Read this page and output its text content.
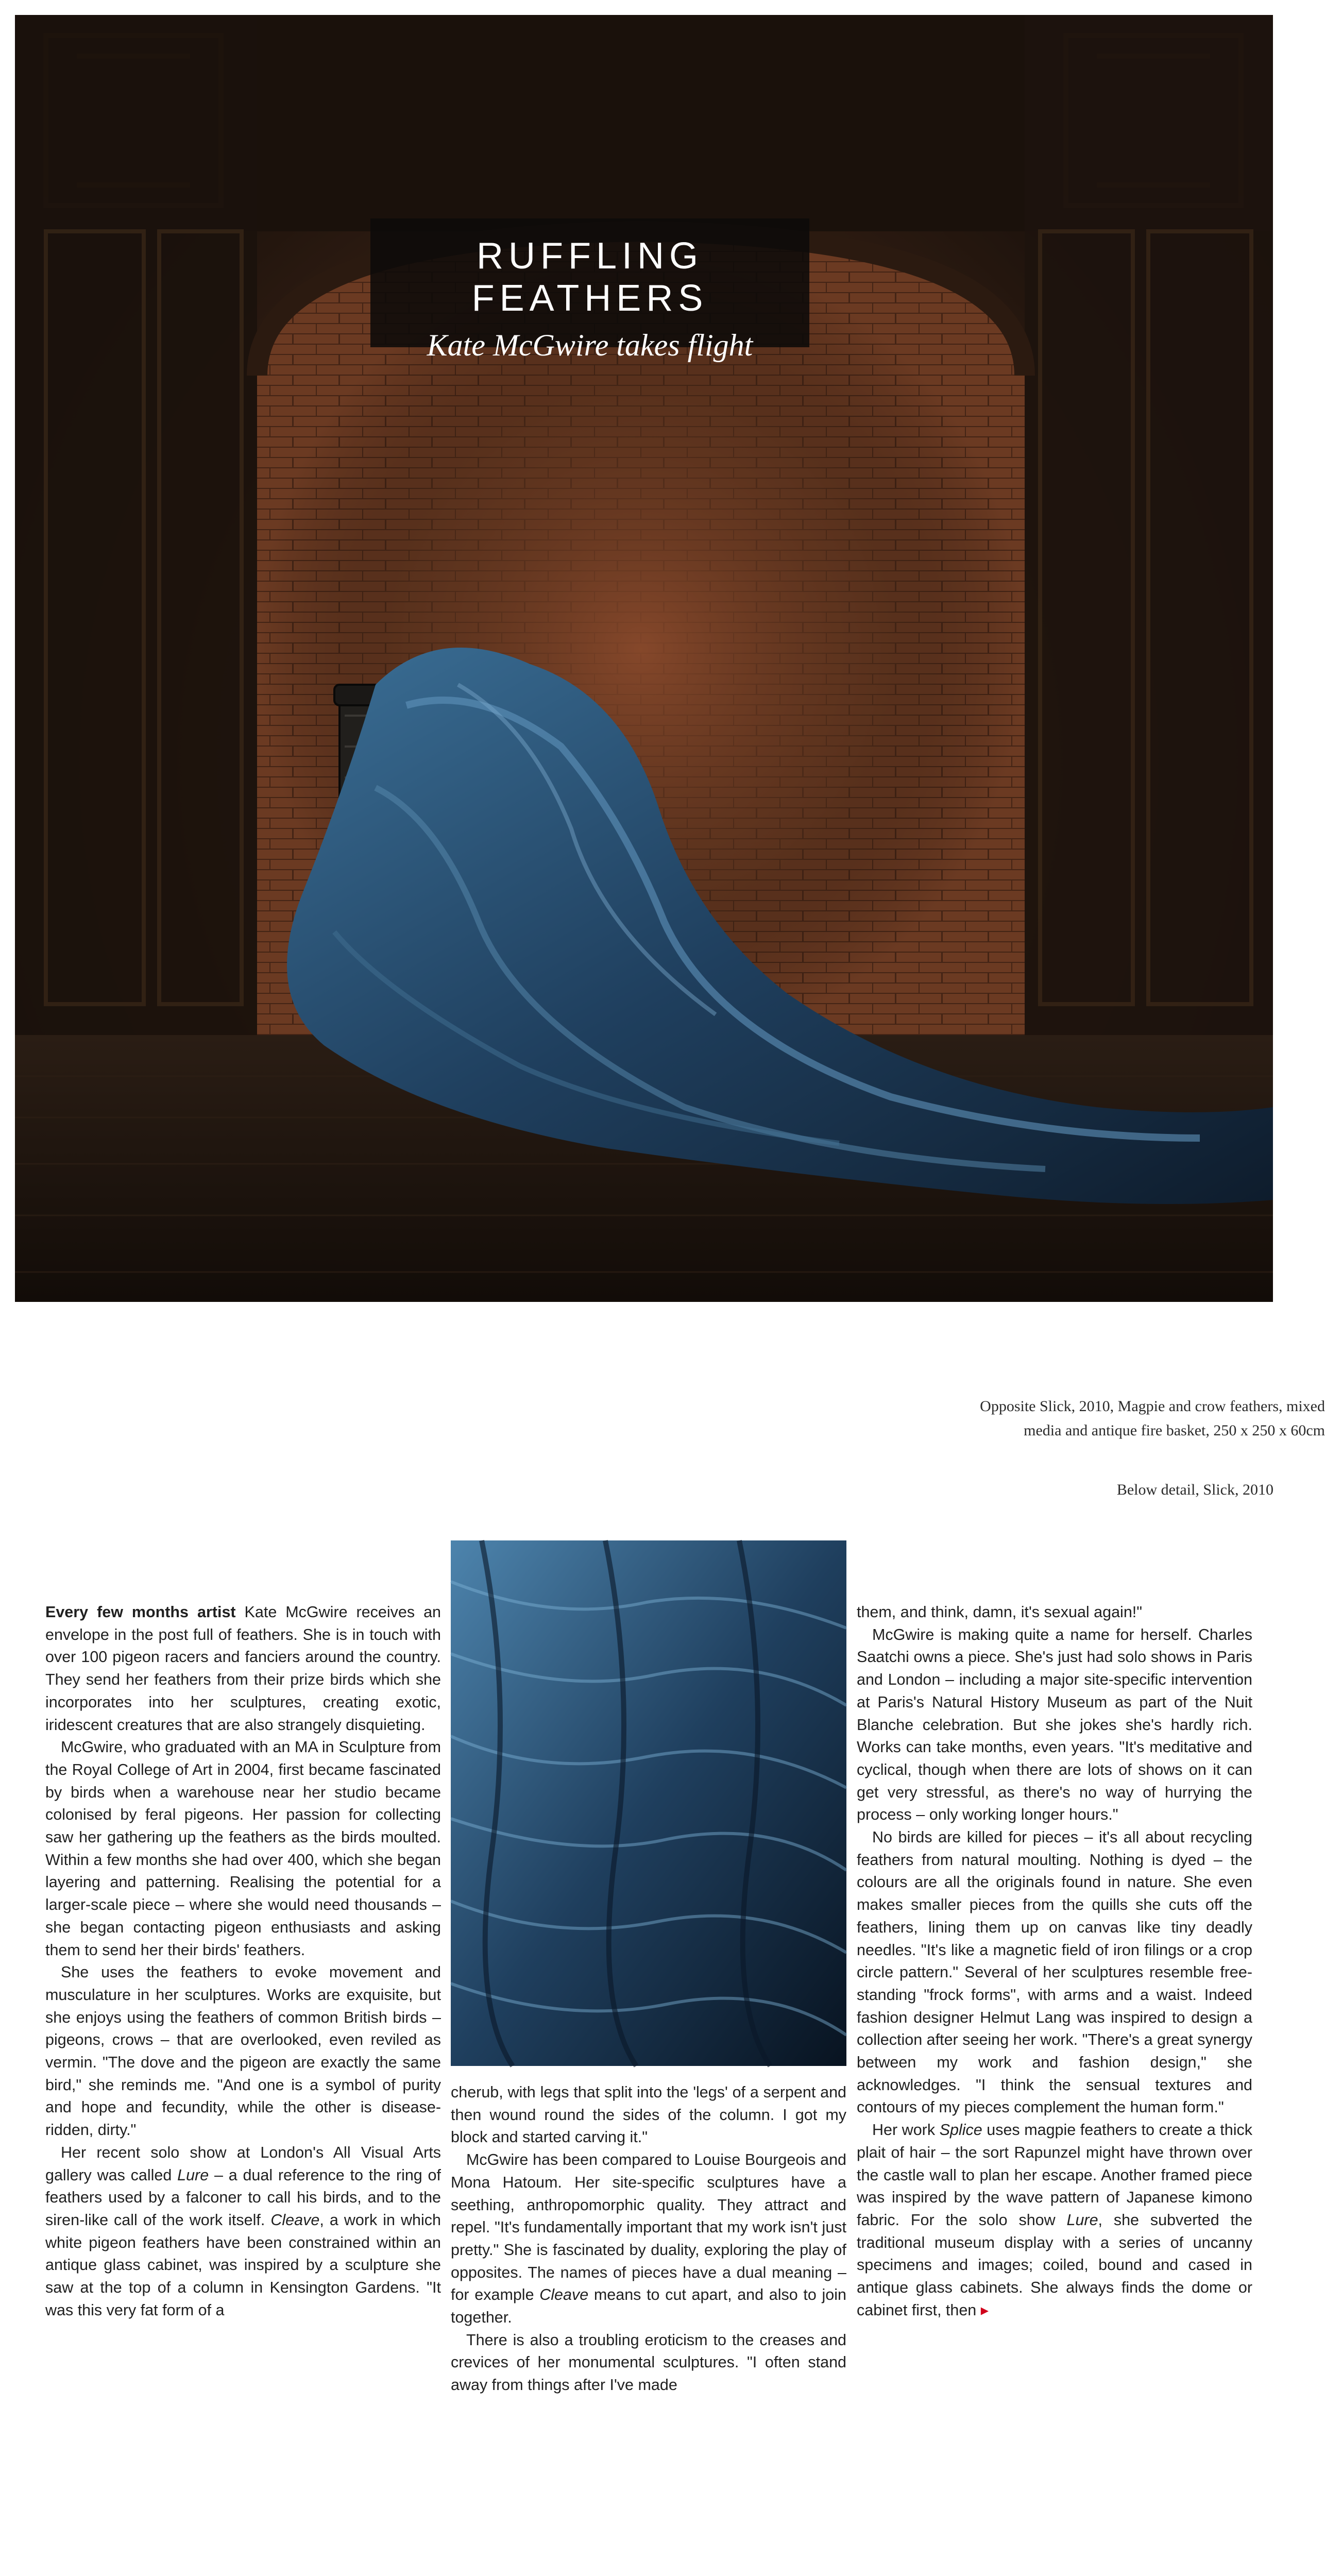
RUFFLING FEATHERS
Kate McGwire takes flight
Opposite Slick, 2010, Magpie and crow feathers, mixed
media and antique fire basket, 250 x 250 x 60cm
Below detail, Slick, 2010

Every few months artist Kate McGwire receives an envelope in the post full of feathers. She is in touch with over 100 pigeon racers and fanciers around the country. They send her feathers from their prize birds which she incorporates into her sculptures, creating exotic, iridescent creatures that are also strangely disquieting.

McGwire, who graduated with an MA in Sculpture from the Royal College of Art in 2004, first became fascinated by birds when a warehouse near her studio became colonised by feral pigeons. Her passion for collecting saw her gathering up the feathers as the birds moulted. Within a few months she had over 400, which she began layering and patterning. Realising the potential for a larger-scale piece – where she would need thousands – she began contacting pigeon enthusiasts and asking them to send her their birds' feathers.

She uses the feathers to evoke movement and musculature in her sculptures. Works are exquisite, but she enjoys using the feathers of common British birds – pigeons, crows – that are overlooked, even reviled as vermin. "The dove and the pigeon are exactly the same bird," she reminds me. "And one is a symbol of purity and hope and fecundity, while the other is disease-ridden, dirty."

Her recent solo show at London's All Visual Arts gallery was called Lure – a dual reference to the ring of feathers used by a falconer to call his birds, and to the siren-like call of the work itself. Cleave, a work in which white pigeon feathers have been constrained within an antique glass cabinet, was inspired by a sculpture she saw at the top of a column in Kensington Gardens. "It was this very fat form of a

cherub, with legs that split into the 'legs' of a serpent and then wound round the sides of the column. I got my block and started carving it."

McGwire has been compared to Louise Bourgeois and Mona Hatoum. Her site-specific sculptures have a seething, anthropomorphic quality. They attract and repel. "It's fundamentally important that my work isn't just pretty." She is fascinated by duality, exploring the play of opposites. The names of pieces have a dual meaning – for example Cleave means to cut apart, and also to join together.

There is also a troubling eroticism to the creases and crevices of her monumental sculptures. "I often stand away from things after I've made

them, and think, damn, it's sexual again!"

McGwire is making quite a name for herself. Charles Saatchi owns a piece. She's just had solo shows in Paris and London – including a major site-specific intervention at Paris's Natural History Museum as part of the Nuit Blanche celebration. But she jokes she's hardly rich. Works can take months, even years. "It's meditative and cyclical, though when there are lots of shows on it can get very stressful, as there's no way of hurrying the process – only working longer hours."

No birds are killed for pieces – it's all about recycling feathers from natural moulting. Nothing is dyed – the colours are all the originals found in nature. She even makes smaller pieces from the quills she cuts off the feathers, lining them up on canvas like tiny deadly needles. "It's like a magnetic field of iron filings or a crop circle pattern." Several of her sculptures resemble free-standing "frock forms", with arms and a waist. Indeed fashion designer Helmut Lang was inspired to design a collection after seeing her work. "There's a great synergy between my work and fashion design," she acknowledges. "I think the sensual textures and contours of my pieces complement the human form."

Her work Splice uses magpie feathers to create a thick plait of hair – the sort Rapunzel might have thrown over the castle wall to plan her escape. Another framed piece was inspired by the wave pattern of Japanese kimono fabric. For the solo show Lure, she subverted the traditional museum display with a series of uncanny specimens and images; coiled, bound and cased in antique glass cabinets. She always finds the dome or cabinet first, then ▸
